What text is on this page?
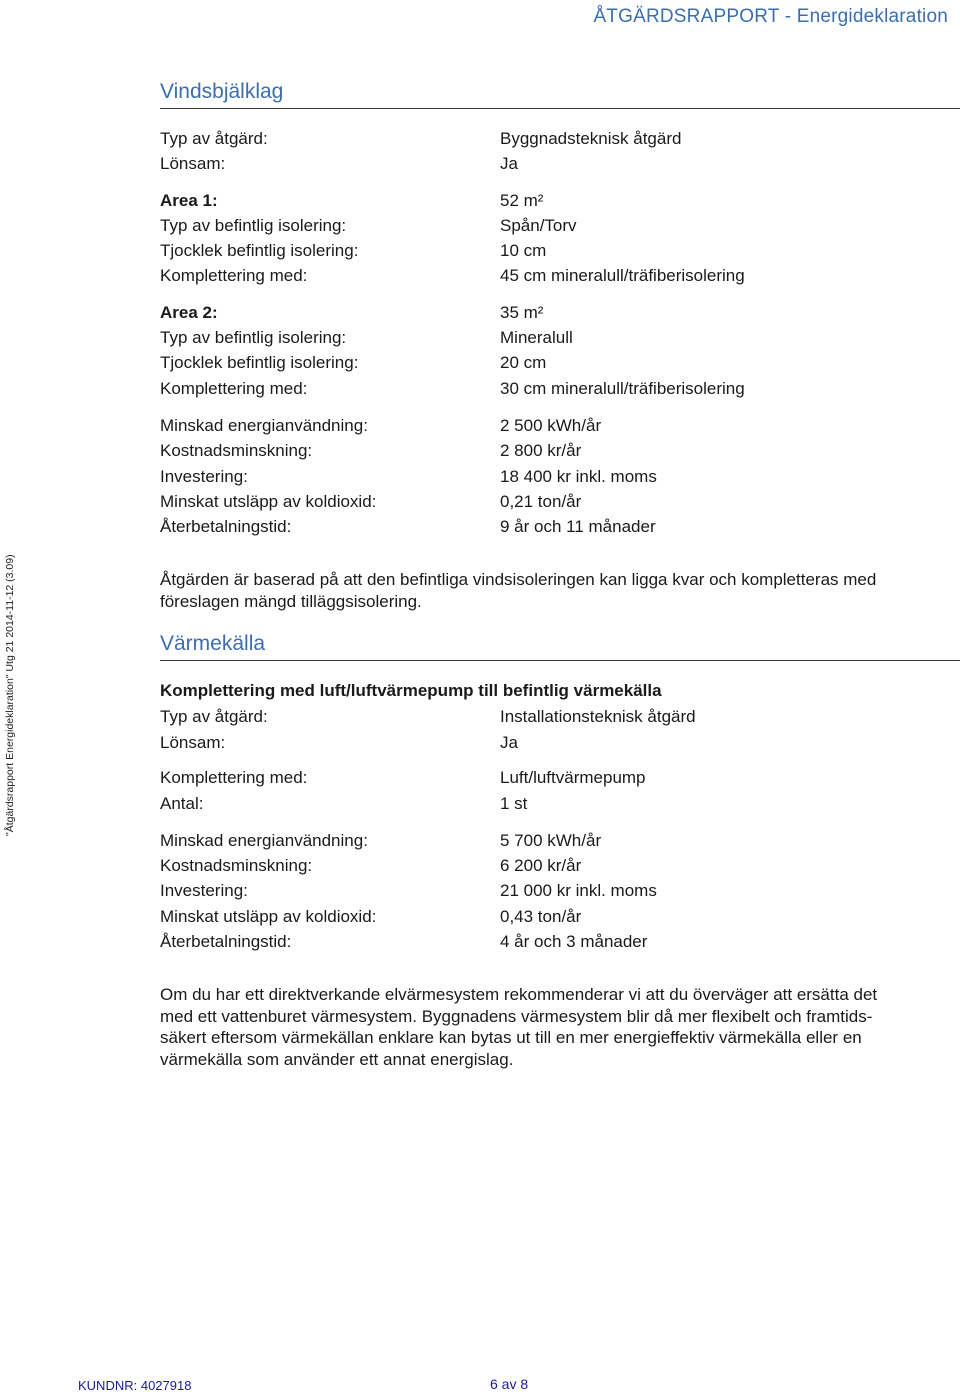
ÅTGÄRDSRAPPORT - Energideklaration
"Åtgärdsrapport Energideklaration" Utg 21 2014-11-12 (3.09)
Vindsbjälklag
Typ av åtgärd:	Byggnadsteknisk åtgärd
Lönsam:	Ja
Area 1:	52 m²
Typ av befintlig isolering:	Spån/Torv
Tjocklek befintlig isolering:	10 cm
Komplettering med:	45 cm mineralull/träfiberisolering
Area 2:	35 m²
Typ av befintlig isolering:	Mineralull
Tjocklek befintlig isolering:	20 cm
Komplettering med:	30 cm mineralull/träfiberisolering
Minskad energianvändning:	2 500 kWh/år
Kostnadsminskning:	2 800 kr/år
Investering:	18 400 kr inkl. moms
Minskat utsläpp av koldioxid:	0,21 ton/år
Återbetalningstid:	9 år och 11 månader
Åtgärden är baserad på att den befintliga vindsisoleringen kan ligga kvar och kompletteras med föreslagen mängd tilläggsisolering.
Värmekälla
Komplettering med luft/luftvärmepump till befintlig värmekälla
Typ av åtgärd:	Installationsteknisk åtgärd
Lönsam:	Ja
Komplettering med:	Luft/luftvärmepump
Antal:	1 st
Minskad energianvändning:	5 700 kWh/år
Kostnadsminskning:	6 200 kr/år
Investering:	21 000 kr inkl. moms
Minskat utsläpp av koldioxid:	0,43 ton/år
Återbetalningstid:	4 år och 3 månader
Om du har ett direktverkande elvärmesystem rekommenderar vi att du överväger att ersätta det
med ett vattenburet värmesystem. Byggnadens värmesystem blir då mer flexibelt och framtids-
säkert eftersom värmekällan enklare kan bytas ut till en mer energieffektiv värmekälla eller en
värmekälla som använder ett annat energislag.
KUNDNR: 4027918	6 av 8
